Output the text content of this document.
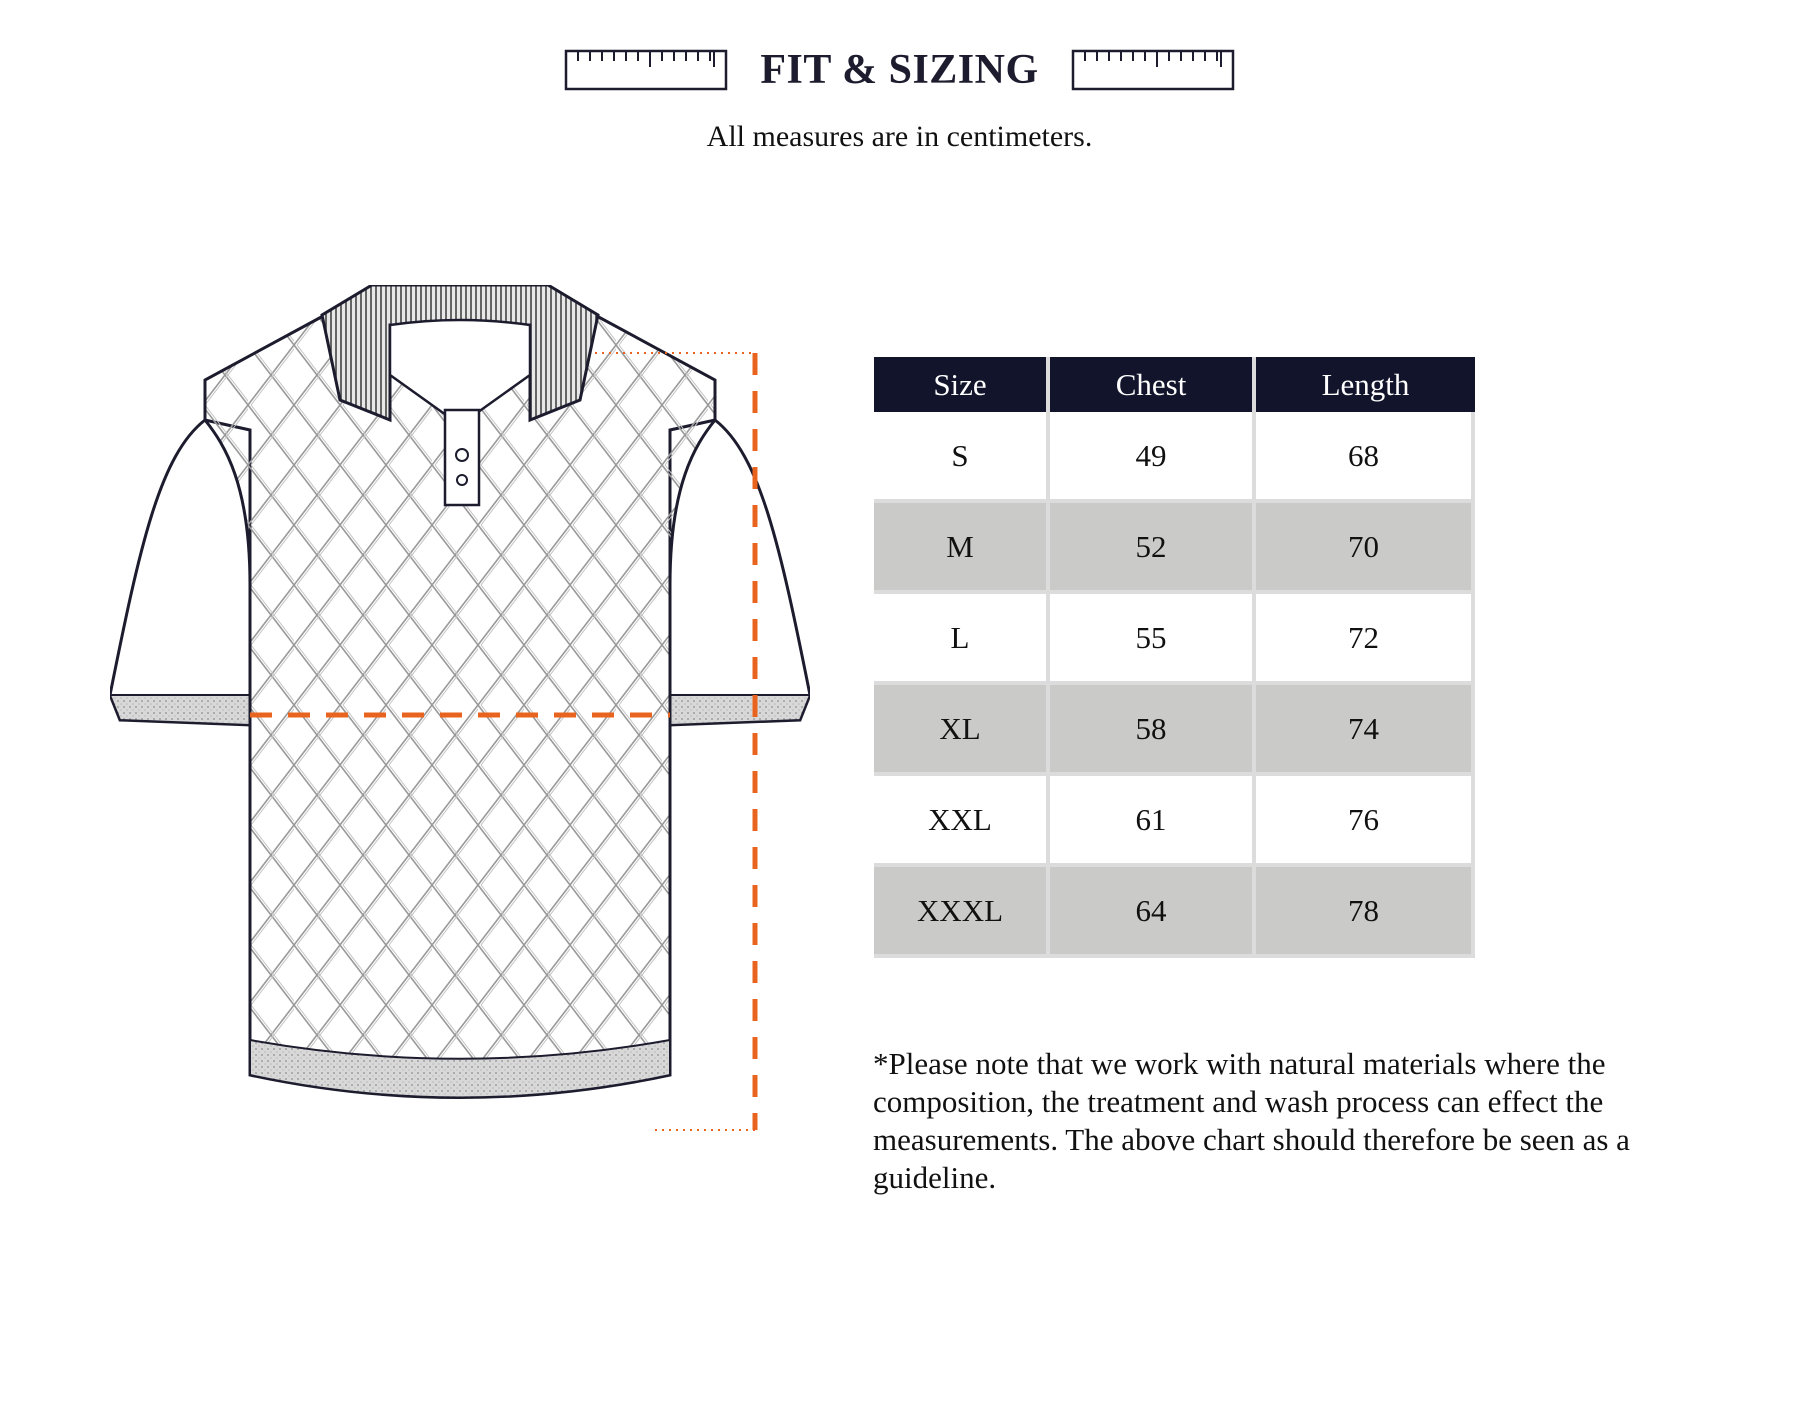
FIT & SIZING
All measures are in centimeters.
Size	Chest	Length
S	49	68
M	52	70
L	55	72
XL	58	74
XXL	61	76
XXXL	64	78
*Please note that we work with natural materials where the composition, the treatment and wash process can effect the measurements. The above chart should therefore be seen as a guideline.
